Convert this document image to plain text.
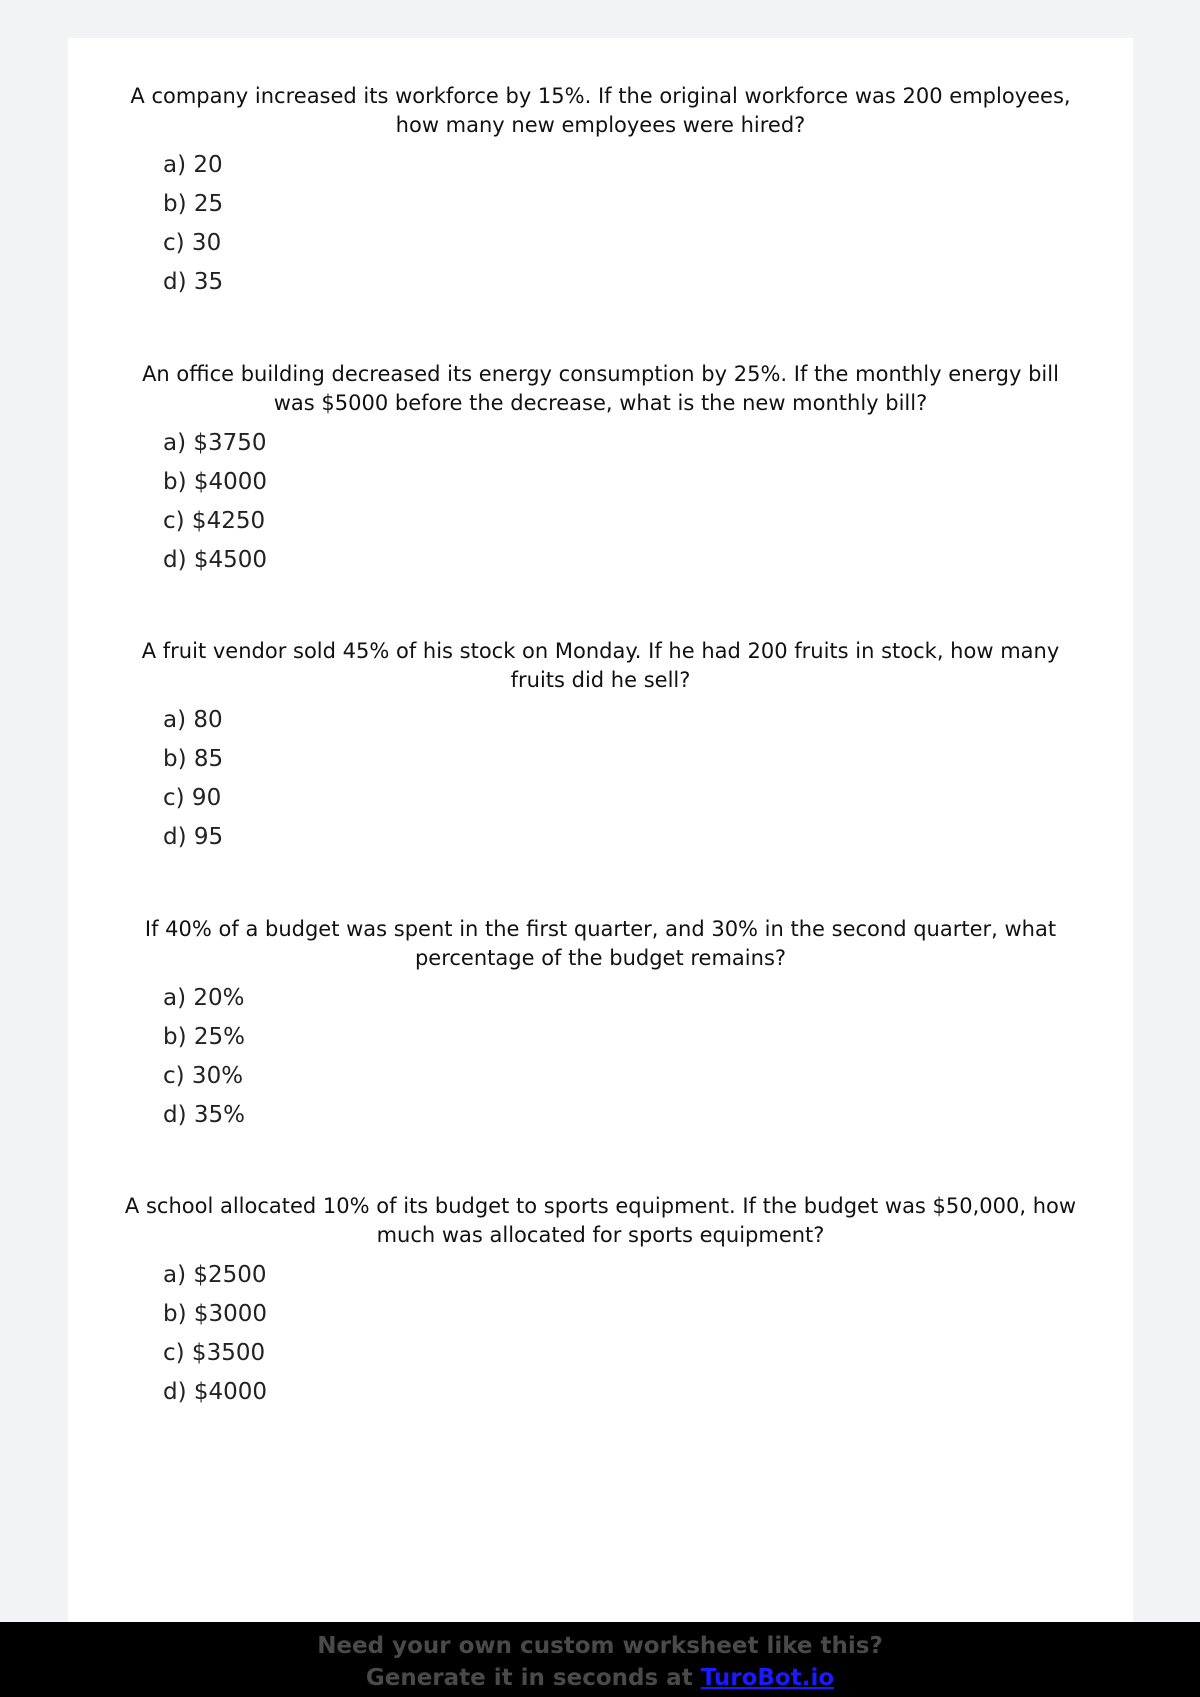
A company increased its workforce by 15%. If the original workforce was 200 employees, how many new employees were hired?

a) 20
b) 25
c) 30
d) 35

An office building decreased its energy consumption by 25%. If the monthly energy bill was $5000 before the decrease, what is the new monthly bill?

a) $3750
b) $4000
c) $4250
d) $4500

A fruit vendor sold 45% of his stock on Monday. If he had 200 fruits in stock, how many fruits did he sell?

a) 80
b) 85
c) 90
d) 95

If 40% of a budget was spent in the first quarter, and 30% in the second quarter, what percentage of the budget remains?

a) 20%
b) 25%
c) 30%
d) 35%

A school allocated 10% of its budget to sports equipment. If the budget was $50,000, how much was allocated for sports equipment?

a) $2500
b) $3000
c) $3500
d) $4000
Need your own custom worksheet like this?
Generate it in seconds at TuroBot.io
